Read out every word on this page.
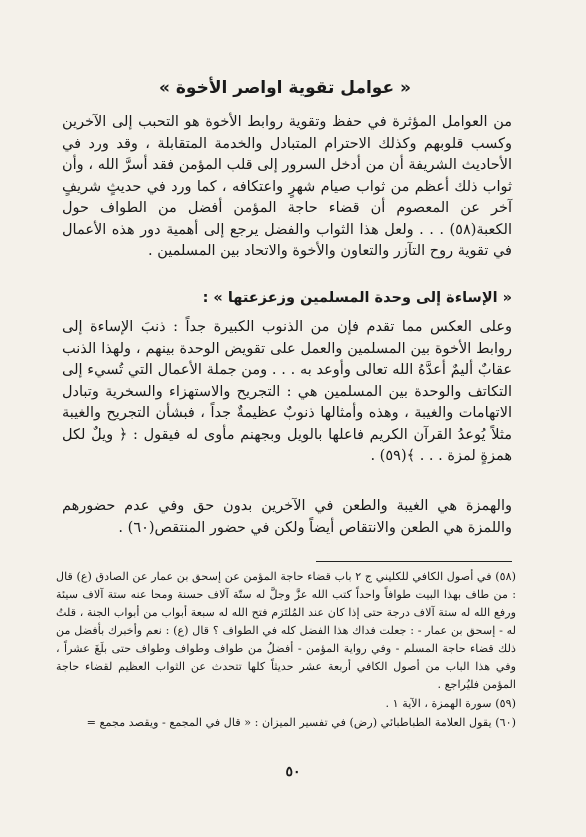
« عوامل تقوية اواصر الأخوة »
من العوامل المؤثرة في حفظ وتقوية روابط الأخوة هو التحبب إلى الآخرين وكسب قلوبهم وكذلك الاحترام المتبادل والخدمة المتقابلة ، وقد ورد في الأحاديث الشريفة أن من أدخل السرور إلى قلب المؤمن فقد أسرَّ الله ، وأن ثواب ذلك أعظم من ثواب صيام شهرٍ واعتكافه ، كما ورد في حديثٍ شريفٍ آخر عن المعصوم أن قضاء حاجة المؤمن أفضل من الطواف حول الكعبة(٥٨) . . . ولعل هذا الثواب والفضل يرجع إلى أهمية دور هذه الأعمال في تقوية روح التآزر والتعاون والأخوة والاتحاد بين المسلمين .
« الإساءة إلى وحدة المسلمين وزعزعتها » :
وعلى العكس مما تقدم فإن من الذنوب الكبيرة جداً : ذنبَ الإساءة إلى روابط الأخوة بين المسلمين والعمل على تقويض الوحدة بينهم ، ولهذا الذنب عقابٌ أليمٌ أعدَّهُ الله تعالى وأوعد به . . . ومن جملة الأعمال التي تُسيء إلى التكاتف والوحدة بين المسلمين هي : التجريح والاستهزاء والسخرية وتبادل الاتهامات والغيبة ، وهذه وأمثالها ذنوبٌ عظيمةٌ جداً ، فبشأن التجريح والغيبة مثلاً يُوعدُ القرآن الكريم فاعلها بالويل وبجهنم مأوى له فيقول : ﴿ ويلٌ لكل همزةٍ لمزة . . . ﴾(٥٩) .
والهمزة هي الغيبة والطعن في الآخرين بدون حق وفي عدم حضورهم واللمزة هي الطعن والانتقاص أيضاً ولكن في حضور المنتقص(٦٠) .

(٥٨) في أصول الكافي للكليني ج ٢ باب قضاء حاجة المؤمن عن إسحق بن عمار عن الصادق (ع) قال : من طاف بهذا البيت طوافاً واحداً كتب الله عزَّ وجلَّ له ستّة آلاف حسنة ومحا عنه ستة آلاف سيئة ورفع الله له ستة آلاف درجة حتى إذا كان عند المُلتَزم فتح الله له سبعة أبواب من أبواب الجنة ، قلتُ له - إسحق بن عمار - : جعلت فداك هذا الفضل كله في الطواف ؟ قال (ع) : نعم وأخبرك بأفضل من ذلك قضاء حاجة المسلم - وفي رواية المؤمن - أفضلُ من طواف وطواف وطواف حتى بلَغَ عشراً ، وفي هذا الباب من أصول الكافي أربعة عشر حديثاً كلها تتحدث عن الثواب العظيم لقضاء حاجة المؤمن فليُراجع .

(٥٩) سورة الهمزة ، الآية ١ .

(٦٠) يقول العلامة الطباطبائي (رض) في تفسير الميزان : « قال في المجمع - ويقصد مجمع =

٥٠
